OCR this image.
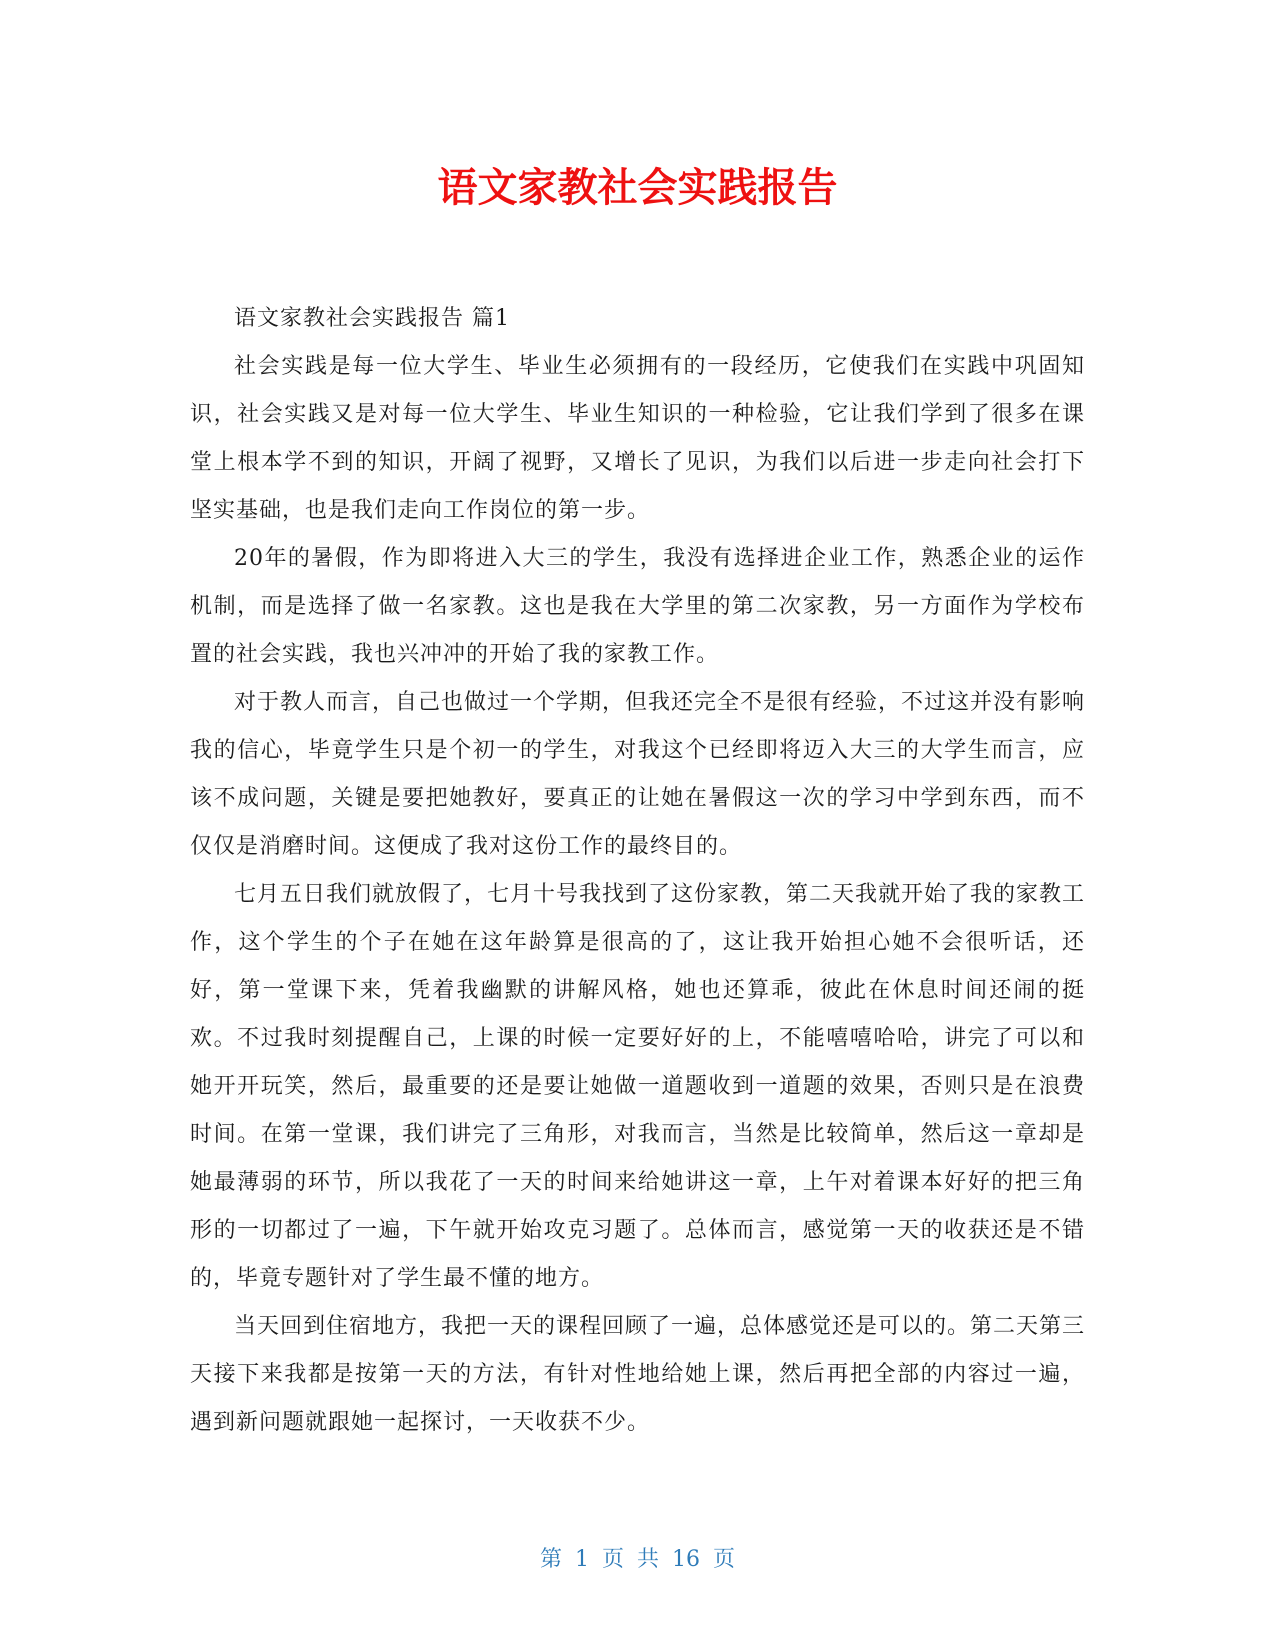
语文家教社会实践报告

语文家教社会实践报告 篇1

社会实践是每一位大学生、毕业生必须拥有的一段经历，它使我们在实践中巩固知识，社会实践又是对每一位大学生、毕业生知识的一种检验，它让我们学到了很多在课堂上根本学不到的知识，开阔了视野，又增长了见识，为我们以后进一步走向社会打下坚实基础，也是我们走向工作岗位的第一步。

20年的暑假，作为即将进入大三的学生，我没有选择进企业工作，熟悉企业的运作机制，而是选择了做一名家教。这也是我在大学里的第二次家教，另一方面作为学校布置的社会实践，我也兴冲冲的开始了我的家教工作。

对于教人而言，自己也做过一个学期，但我还完全不是很有经验，不过这并没有影响我的信心，毕竟学生只是个初一的学生，对我这个已经即将迈入大三的大学生而言，应该不成问题，关键是要把她教好，要真正的让她在暑假这一次的学习中学到东西，而不仅仅是消磨时间。这便成了我对这份工作的最终目的。

七月五日我们就放假了，七月十号我找到了这份家教，第二天我就开始了我的家教工作，这个学生的个子在她在这年龄算是很高的了，这让我开始担心她不会很听话，还好，第一堂课下来，凭着我幽默的讲解风格，她也还算乖，彼此在休息时间还闹的挺欢。不过我时刻提醒自己，上课的时候一定要好好的上，不能嘻嘻哈哈，讲完了可以和她开开玩笑，然后，最重要的还是要让她做一道题收到一道题的效果，否则只是在浪费时间。在第一堂课，我们讲完了三角形，对我而言，当然是比较简单，然后这一章却是她最薄弱的环节，所以我花了一天的时间来给她讲这一章，上午对着课本好好的把三角形的一切都过了一遍，下午就开始攻克习题了。总体而言，感觉第一天的收获还是不错的，毕竟专题针对了学生最不懂的地方。

当天回到住宿地方，我把一天的课程回顾了一遍，总体感觉还是可以的。第二天第三天接下来我都是按第一天的方法，有针对性地给她上课，然后再把全部的内容过一遍，遇到新问题就跟她一起探讨，一天收获不少。

第 1 页 共 16 页
